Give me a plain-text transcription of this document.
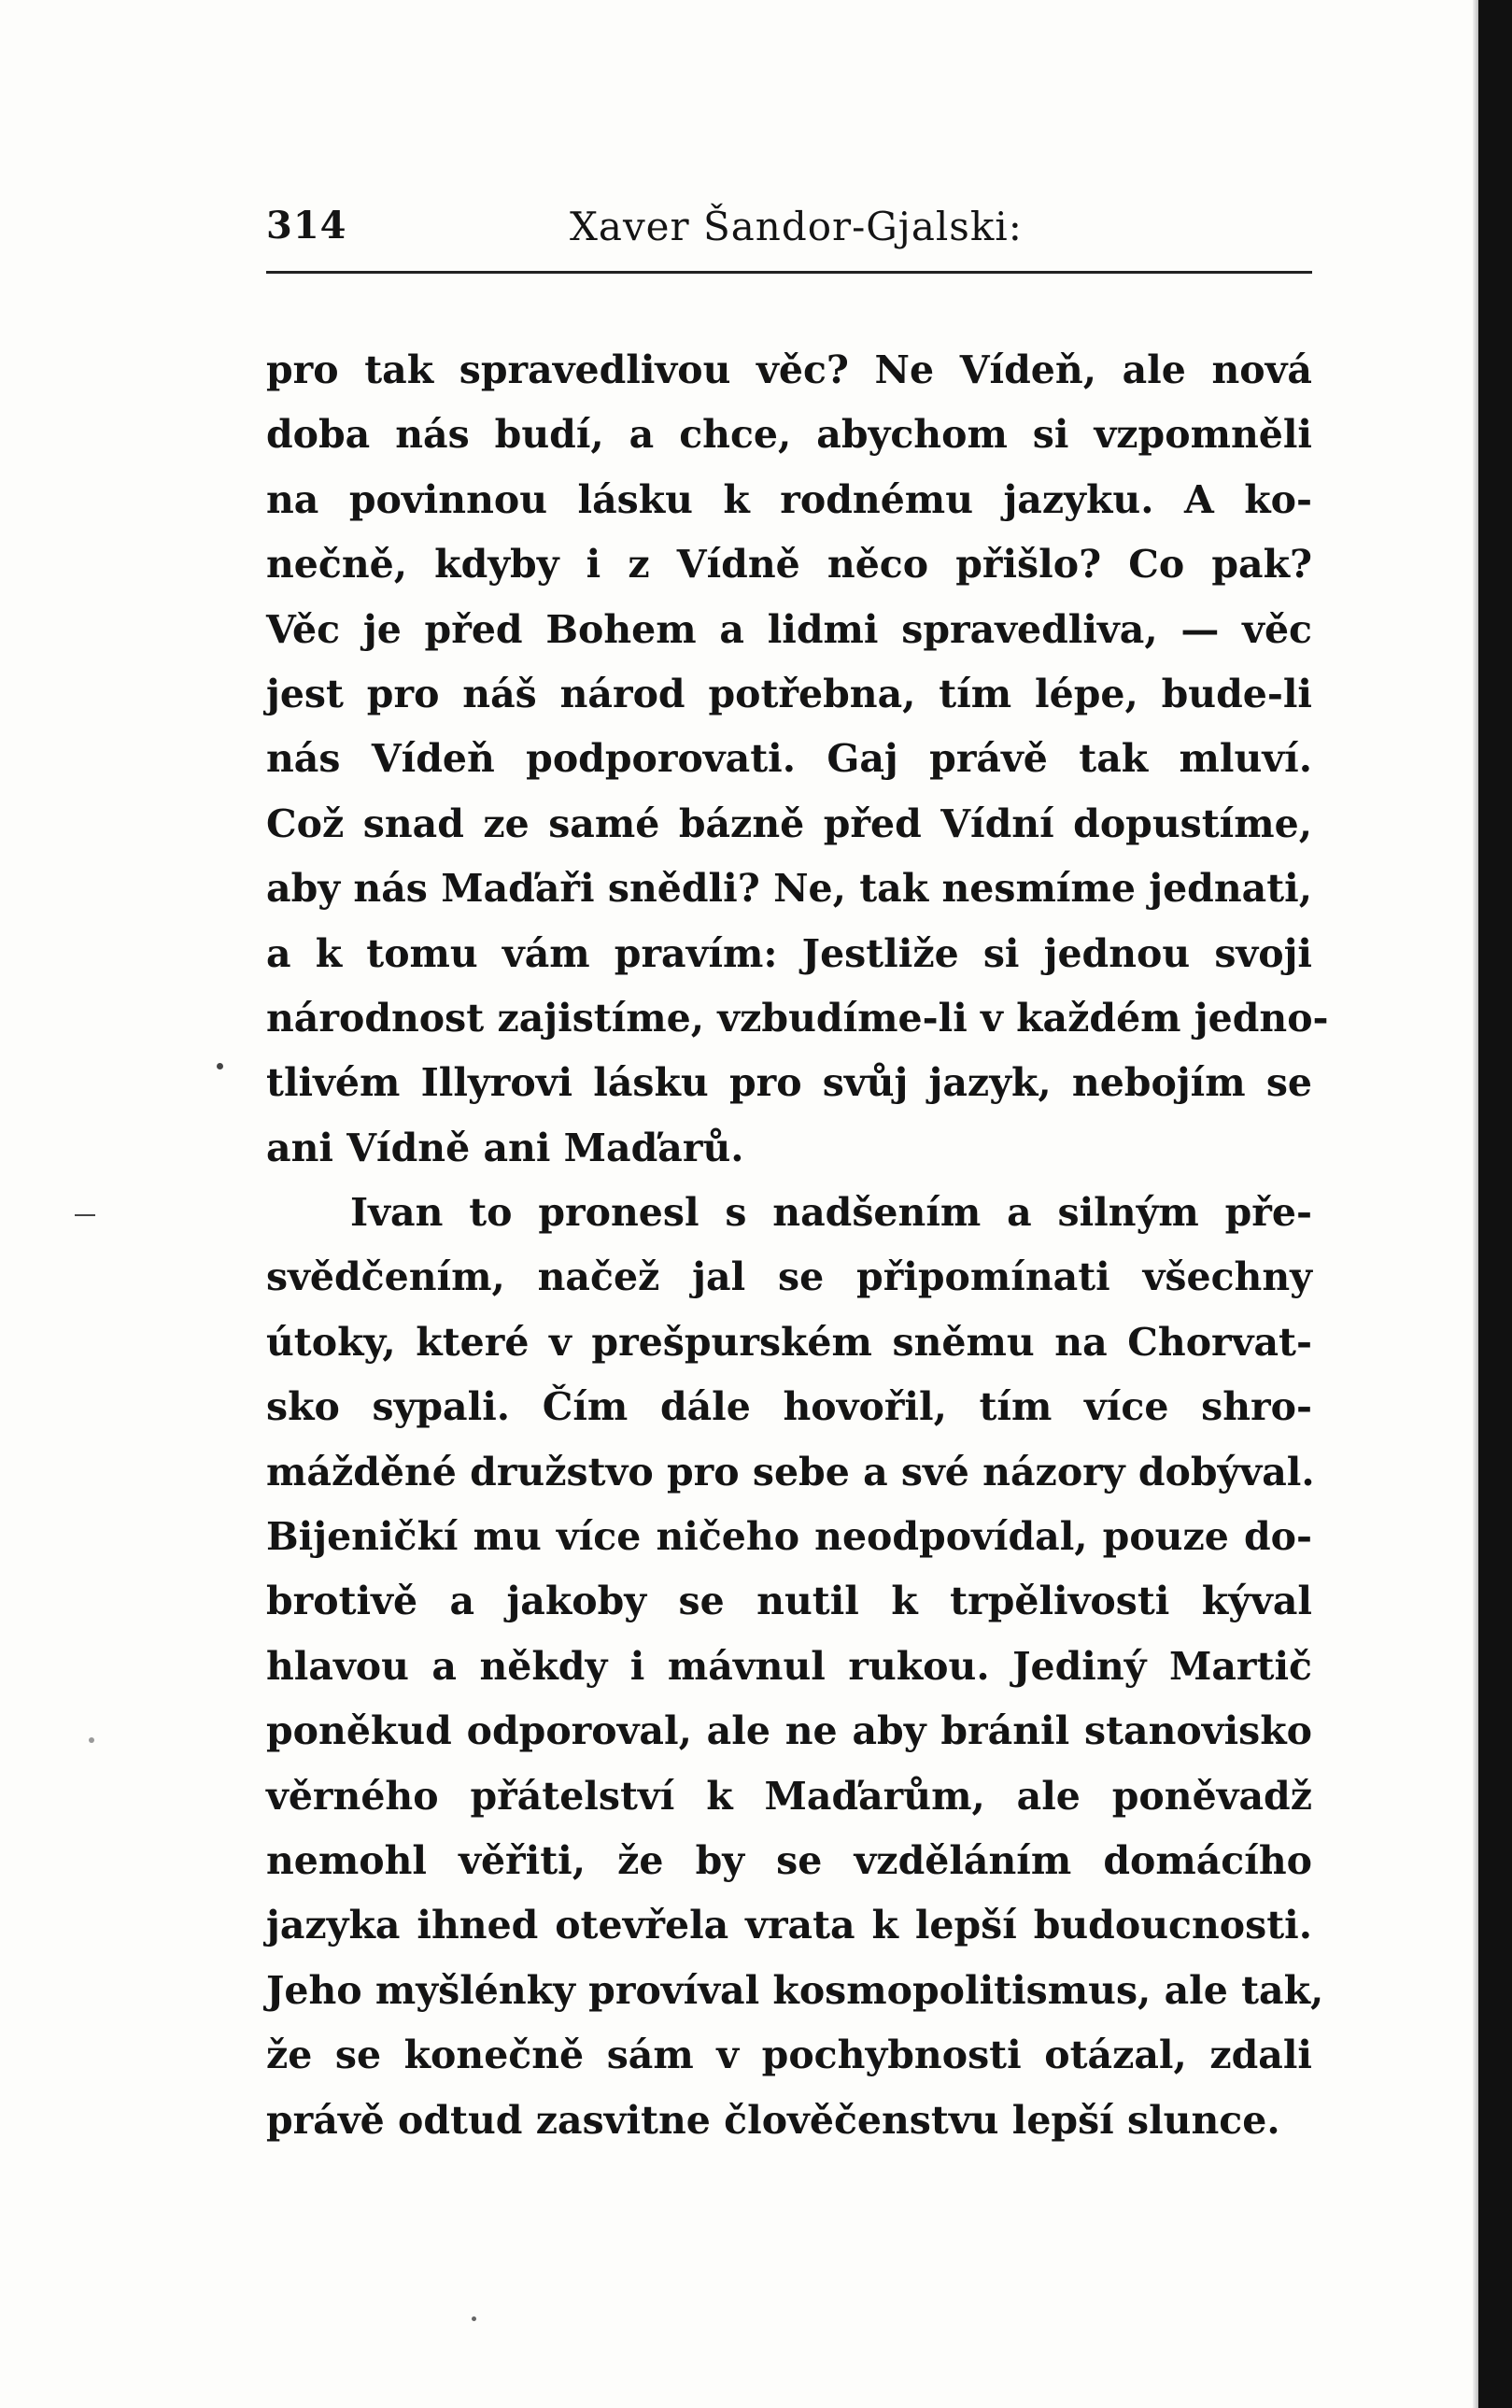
314	Xaver Šandor-Gjalski:
pro tak spravedlivou věc? Ne Vídeň, ale nová
doba nás budí, a chce, abychom si vzpomněli
na povinnou lásku k rodnému jazyku. A ko-
nečně, kdyby i z Vídně něco přišlo? Co pak?
Věc je před Bohem a lidmi spravedliva, — věc
jest pro náš národ potřebna, tím lépe, bude-li
nás Vídeň podporovati. Gaj právě tak mluví.
Což snad ze samé bázně před Vídní dopustíme,
aby nás Maďaři snědli? Ne, tak nesmíme jednati,
a k tomu vám pravím: Jestliže si jednou svoji
národnost zajistíme, vzbudíme-li v každém jedno-
tlivém Illyrovi lásku pro svůj jazyk, nebojím se
ani Vídně ani Maďarů.
Ivan to pronesl s nadšením a silným pře-
svědčením, načež jal se připomínati všechny
útoky, které v prešpurském sněmu na Chorvat-
sko sypali. Čím dále hovořil, tím více shro-
mážděné družstvo pro sebe a své názory dobýval.
Bijeničkí mu více ničeho neodpovídal, pouze do-
brotivě a jakoby se nutil k trpělivosti kýval
hlavou a někdy i mávnul rukou. Jediný Martič
poněkud odporoval, ale ne aby bránil stanovisko
věrného přátelství k Maďarům, ale poněvadž
nemohl věřiti, že by se vzděláním domácího
jazyka ihned otevřela vrata k lepší budoucnosti.
Jeho myšlénky províval kosmopolitismus, ale tak,
že se konečně sám v pochybnosti otázal, zdali
právě odtud zasvitne člověčenstvu lepší slunce.
